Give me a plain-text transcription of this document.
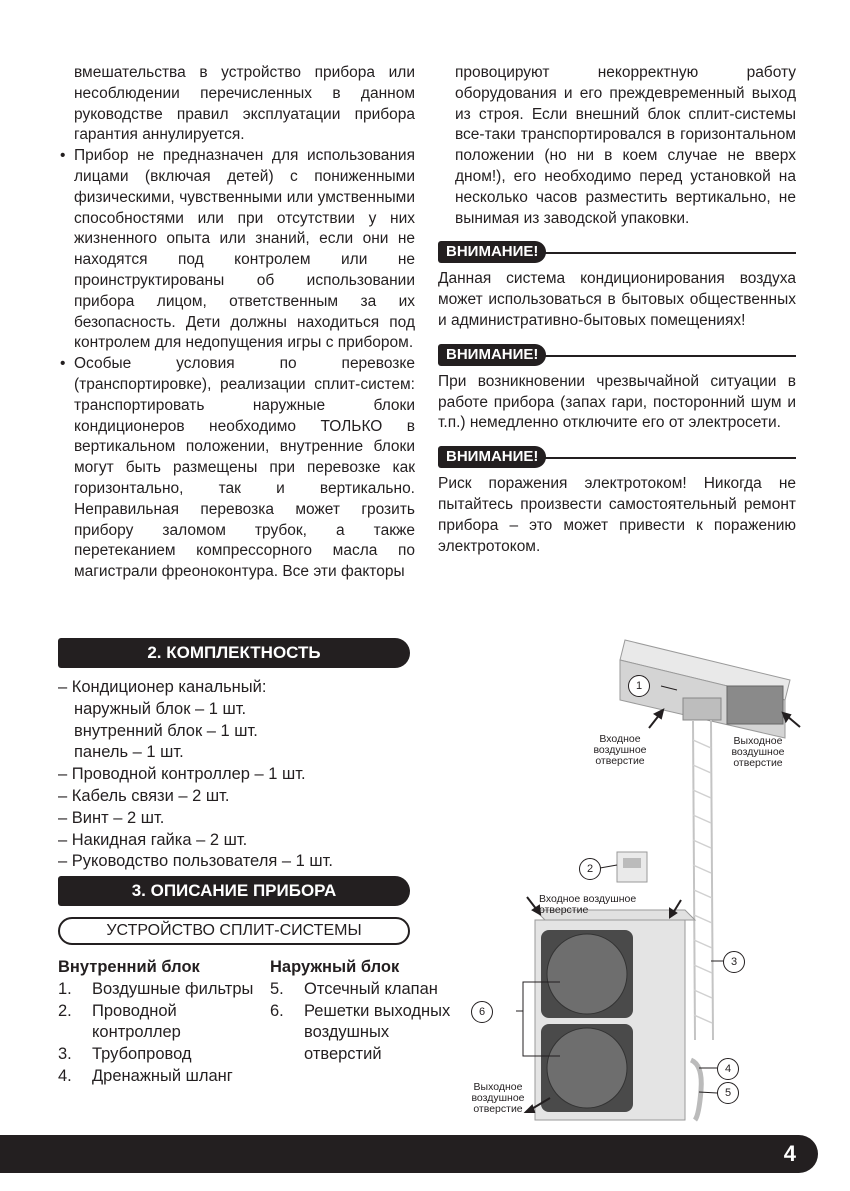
вмешательства в устройство прибора или несоблюдении перечисленных в данном руководстве правил эксплуатации прибора гарантия аннулируется.

• Прибор не предназначен для использования лицами (включая детей) с пониженными физическими, чувственными или умственными способностями или при отсутствии у них жизненного опыта или знаний, если они не находятся под контролем или не проинструктированы об использовании прибора лицом, ответственным за их безопасность. Дети должны находиться под контролем для недопущения игры с прибором.
• Особые условия по перевозке (транспортировке), реализации сплит-систем: транспортировать наружные блоки кондиционеров необходимо ТОЛЬКО в вертикальном положении, внутренние блоки могут быть размещены при перевозке как горизонтально, так и вертикально. Неправильная перевозка может грозить прибору заломом трубок, а также перетеканием компрессорного масла по магистрали фреоноконтура. Все эти факторы

провоцируют некорректную работу оборудования и его преждевременный выход из строя. Если внешний блок сплит-системы все-таки транспортировался в горизонтальном положении (но ни в коем случае не вверх дном!), его необходимо перед установкой на несколько часов разместить вертикально, не вынимая из заводской упаковки.

ВНИМАНИЕ!

Данная система кондиционирования воздуха может использоваться в бытовых общественных и административно-бытовых помещениях!

ВНИМАНИЕ!

При возникновении чрезвычайной ситуации в работе прибора (запах гари, посторонний шум и т.п.) немедленно отключите его от электросети.

ВНИМАНИЕ!

Риск поражения электротоком! Никогда не пытайтесь произвести самостоятельный ремонт прибора – это может привести к поражению электротоком.

2. КОМПЛЕКТНОСТЬ
– Кондиционер канальный:
наружный блок – 1 шт.
внутренний блок – 1 шт.
панель – 1 шт.
– Проводной контроллер – 1 шт.
– Кабель связи – 2 шт.
– Винт – 2 шт.
– Накидная гайка – 2 шт.
– Руководство пользователя – 1 шт.
3. ОПИСАНИЕ ПРИБОРА
УСТРОЙСТВО СПЛИТ-СИСТЕМЫ
Внутренний блок
1. Воздушные фильтры
2. Проводной контроллер
3. Трубопровод
4. Дренажный шланг
Наружный блок
5. Отсечный клапан
6. Решетки выходных воздушных отверстий
1
2
3
4
5
6
Входное воздушное отверстие
Выходное воздушное отверстие
Входное воздушное отверстие
Выходное воздушное отверстие
4
